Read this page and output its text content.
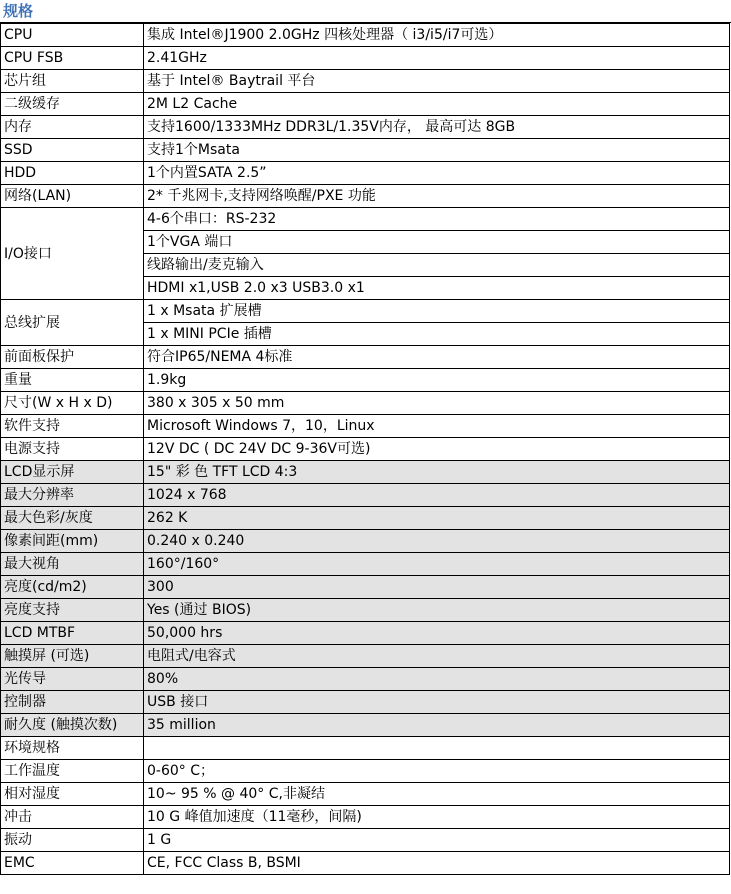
规格
CPU	集成 Intel®J1900 2.0GHz 四核处理器（ i3/i5/i7可选）
CPU FSB	2.41GHz
芯片组	基于 Intel® Baytrail 平台
二级缓存	2M L2 Cache
内存	支持1600/1333MHz DDR3L/1.35V内存， 最高可达 8GB
SSD	支持1个Msata
HDD	1个内置SATA 2.5”
网络(LAN)	2* 千兆网卡,支持网络唤醒/PXE 功能
I/O接口	4-6个串口：RS-232
	1个VGA 端口
	线路输出/麦克输入
	HDMI x1,USB 2.0 x3 USB3.0 x1
总线扩展	1 x Msata 扩展槽
	1 x MINI PCIe 插槽
前面板保护	符合IP65/NEMA 4标准
重量	1.9kg
尺寸(W x H x D)	380 x 305 x 50 mm
软件支持	Microsoft Windows 7，10，Linux
电源支持	12V DC ( DC 24V DC 9-36V可选)
LCD显示屏	15" 彩 色 TFT LCD 4:3
最大分辨率	1024 x 768
最大色彩/灰度	262 K
像素间距(mm)	0.240 x 0.240
最大视角	160°/160°
亮度(cd/m2)	300
亮度支持	Yes (通过 BIOS)
LCD MTBF	50,000 hrs
触摸屏 (可选)	电阻式/电容式
光传导	80%
控制器	USB 接口
耐久度 (触摸次数)	35 million
环境规格	
工作温度	0-60° C；
相对湿度	10~ 95 % @ 40° C,非凝结
冲击	10 G 峰值加速度（11毫秒，间隔)
振动	1 G
EMC	CE, FCC Class B, BSMI
